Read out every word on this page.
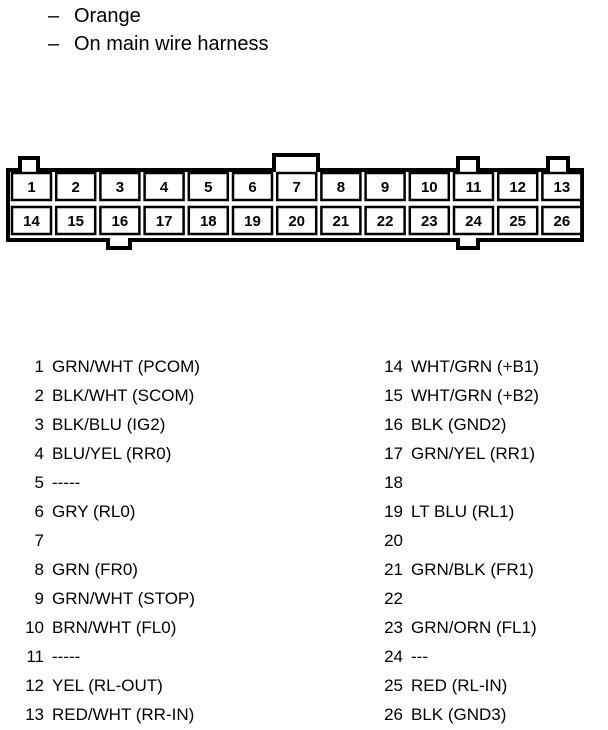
– Orange
– On main wire harness
1 2 3 4 5 6 7 8 9 10 11 12 13
14 15 16 17 18 19 20 21 22 23 24 25 26
1 GRN/WHT (PCOM)
2 BLK/WHT (SCOM)
3 BLK/BLU (IG2)
4 BLU/YEL (RR0)
5 -----
6 GRY (RL0)
7
8 GRN (FR0)
9 GRN/WHT (STOP)
10 BRN/WHT (FL0)
11 -----
12 YEL (RL-OUT)
13 RED/WHT (RR-IN)
14 WHT/GRN (+B1)
15 WHT/GRN (+B2)
16 BLK (GND2)
17 GRN/YEL (RR1)
18
19 LT BLU (RL1)
20
21 GRN/BLK (FR1)
22
23 GRN/ORN (FL1)
24 ---
25 RED (RL-IN)
26 BLK (GND3)
